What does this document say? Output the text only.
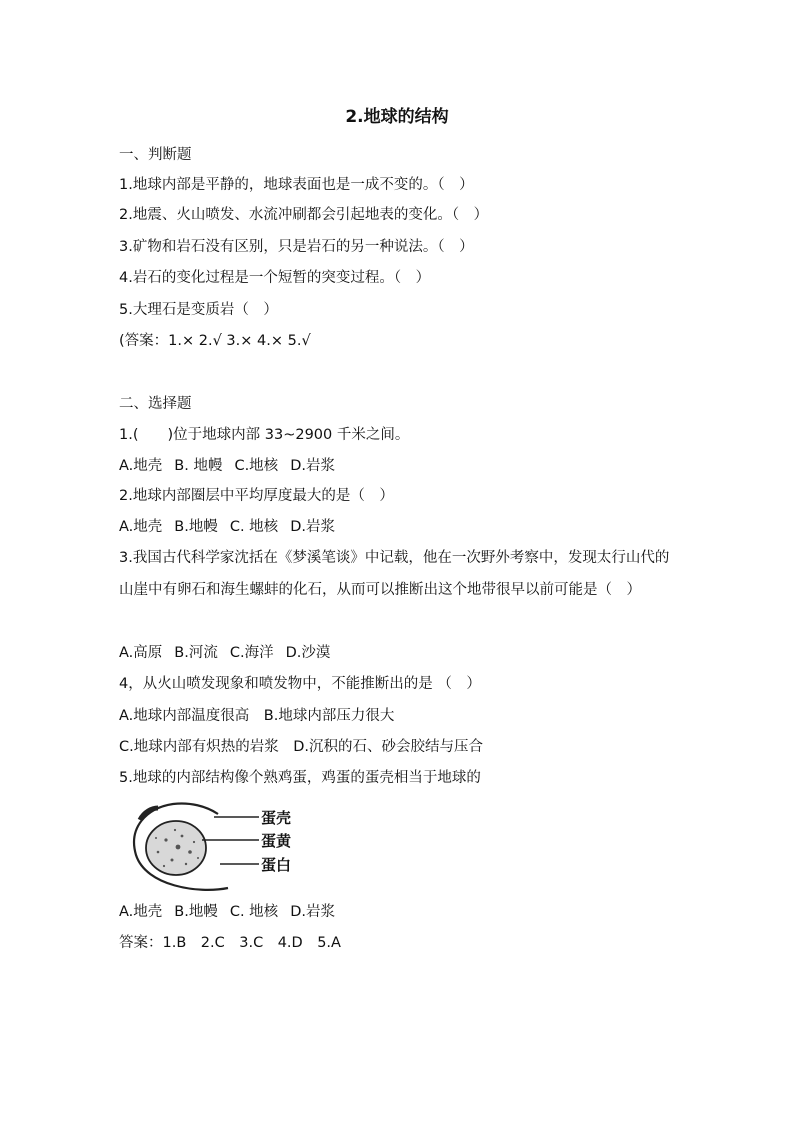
2.地球的结构
一、判断题
1.地球内部是平静的，地球表面也是一成不变的。（　）
2.地震、火山喷发、水流冲刷都会引起地表的变化。（　）
3.矿物和岩石没有区别，只是岩石的另一种说法。（　）
4.岩石的变化过程是一个短暂的突变过程。（　）
5.大理石是变质岩（　）
(答案：1.× 2.√ 3.× 4.× 5.√
二、选择题
1.(　　)位于地球内部 33~2900 千米之间。
A.地壳 B. 地幔 C.地核 D.岩浆
2.地球内部圈层中平均厚度最大的是（　）
A.地壳 B.地幔 C. 地核 D.岩浆
3.我国古代科学家沈括在《梦溪笔谈》中记载，他在一次野外考察中，发现太行山代的山崖中有卵石和海生螺蚌的化石，从而可以推断出这个地带很早以前可能是（　）
A.高原 B.河流 C.海洋 D.沙漠
4，从火山喷发现象和喷发物中，不能推断出的是 （　）
A.地球内部温度很高　B.地球内部压力很大
C.地球内部有炽热的岩浆　D.沉积的石、砂会胶结与压合
5.地球的内部结构像个熟鸡蛋，鸡蛋的蛋壳相当于地球的
蛋壳
蛋黄
蛋白
A.地壳 B.地幔 C. 地核 D.岩浆
答案：1.B　2.C　3.C　4.D　5.A
